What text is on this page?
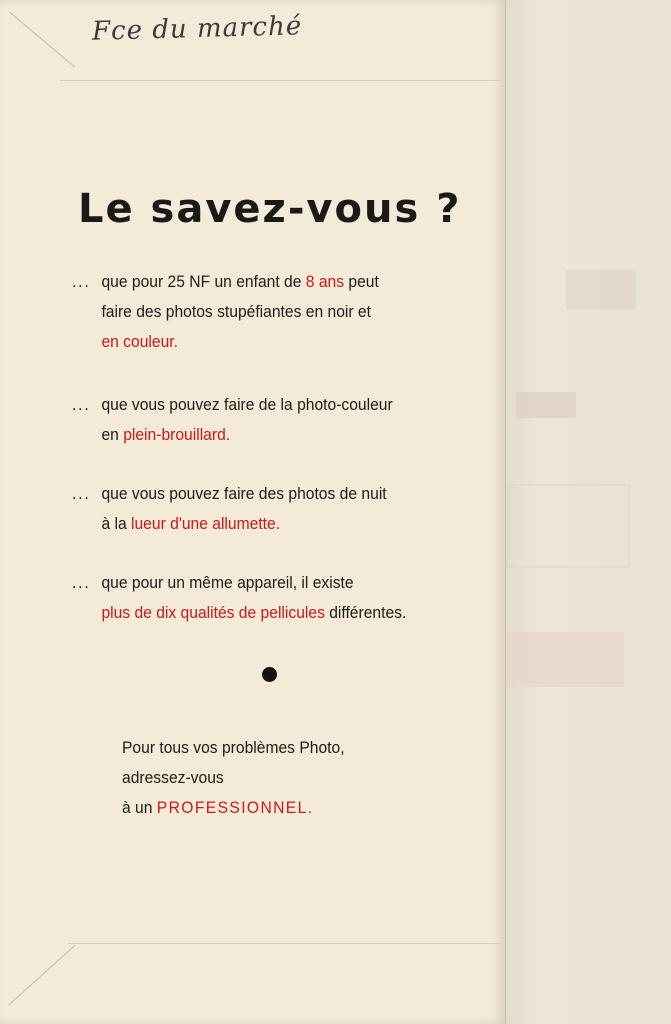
Fce du marché
Le savez-vous ?
... que pour 25 NF un enfant de 8 ans peut
faire des photos stupéfiantes en noir et
en couleur.
... que vous pouvez faire de la photo-couleur
en plein-brouillard.
... que vous pouvez faire des photos de nuit
à la lueur d'une allumette.
... que pour un même appareil, il existe
plus de dix qualités de pellicules différentes.
Pour tous vos problèmes Photo,
adressez-vous
à un PROFESSIONNEL.
